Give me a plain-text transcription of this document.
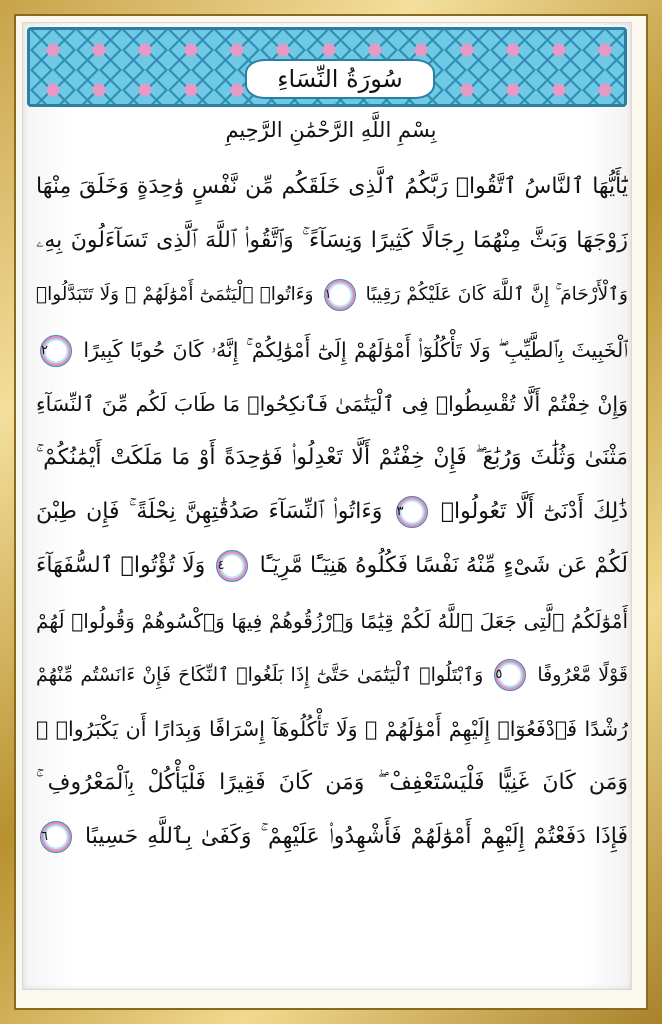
سُورَةُ النِّسَاءِ
بِسْمِ اللَّهِ الرَّحْمَٰنِ الرَّحِيمِ
يَٰٓأَيُّهَا ٱلنَّاسُ ٱتَّقُوا۟ رَبَّكُمُ ٱلَّذِى خَلَقَكُم مِّن نَّفْسٍ وَٰحِدَةٍ وَخَلَقَ مِنْهَا
زَوْجَهَا وَبَثَّ مِنْهُمَا رِجَالًا كَثِيرًا وَنِسَآءً ۚ وَٱتَّقُوا۟ ٱللَّهَ ٱلَّذِى تَسَآءَلُونَ بِهِۦ
وَٱلْأَرْحَامَ ۚ إِنَّ ٱللَّهَ كَانَ عَلَيْكُمْ رَقِيبًا ١ وَءَاتُوا۟ ٱلْيَتَٰمَىٰٓ أَمْوَٰلَهُمْ ۖ وَلَا تَتَبَدَّلُوا۟
ٱلْخَبِيثَ بِٱلطَّيِّبِ ۖ وَلَا تَأْكُلُوٓا۟ أَمْوَٰلَهُمْ إِلَىٰٓ أَمْوَٰلِكُمْ ۚ إِنَّهُۥ كَانَ حُوبًا كَبِيرًا ٢
وَإِنْ خِفْتُمْ أَلَّا تُقْسِطُوا۟ فِى ٱلْيَتَٰمَىٰ فَٱنكِحُوا۟ مَا طَابَ لَكُم مِّنَ ٱلنِّسَآءِ
مَثْنَىٰ وَثُلَٰثَ وَرُبَٰعَ ۖ فَإِنْ خِفْتُمْ أَلَّا تَعْدِلُوا۟ فَوَٰحِدَةً أَوْ مَا مَلَكَتْ أَيْمَٰنُكُمْ ۚ
ذَٰلِكَ أَدْنَىٰٓ أَلَّا تَعُولُوا۟ ٣ وَءَاتُوا۟ ٱلنِّسَآءَ صَدُقَٰتِهِنَّ نِحْلَةً ۚ فَإِن طِبْنَ
لَكُمْ عَن شَىْءٍ مِّنْهُ نَفْسًا فَكُلُوهُ هَنِيٓـًٔا مَّرِيٓـًٔا ٤ وَلَا تُؤْتُوا۟ ٱلسُّفَهَآءَ
أَمْوَٰلَكُمُ ٱلَّتِى جَعَلَ ٱللَّهُ لَكُمْ قِيَٰمًا وَٱرْزُقُوهُمْ فِيهَا وَٱكْسُوهُمْ وَقُولُوا۟ لَهُمْ
قَوْلًا مَّعْرُوفًا ٥ وَٱبْتَلُوا۟ ٱلْيَتَٰمَىٰ حَتَّىٰٓ إِذَا بَلَغُوا۟ ٱلنِّكَاحَ فَإِنْ ءَانَسْتُم مِّنْهُمْ
رُشْدًا فَٱدْفَعُوٓا۟ إِلَيْهِمْ أَمْوَٰلَهُمْ ۖ وَلَا تَأْكُلُوهَآ إِسْرَافًا وَبِدَارًا أَن يَكْبَرُوا۟ ۚ
وَمَن كَانَ غَنِيًّا فَلْيَسْتَعْفِفْ ۖ وَمَن كَانَ فَقِيرًا فَلْيَأْكُلْ بِٱلْمَعْرُوفِ ۚ
فَإِذَا دَفَعْتُمْ إِلَيْهِمْ أَمْوَٰلَهُمْ فَأَشْهِدُوا۟ عَلَيْهِمْ ۚ وَكَفَىٰ بِٱللَّهِ حَسِيبًا ٦
